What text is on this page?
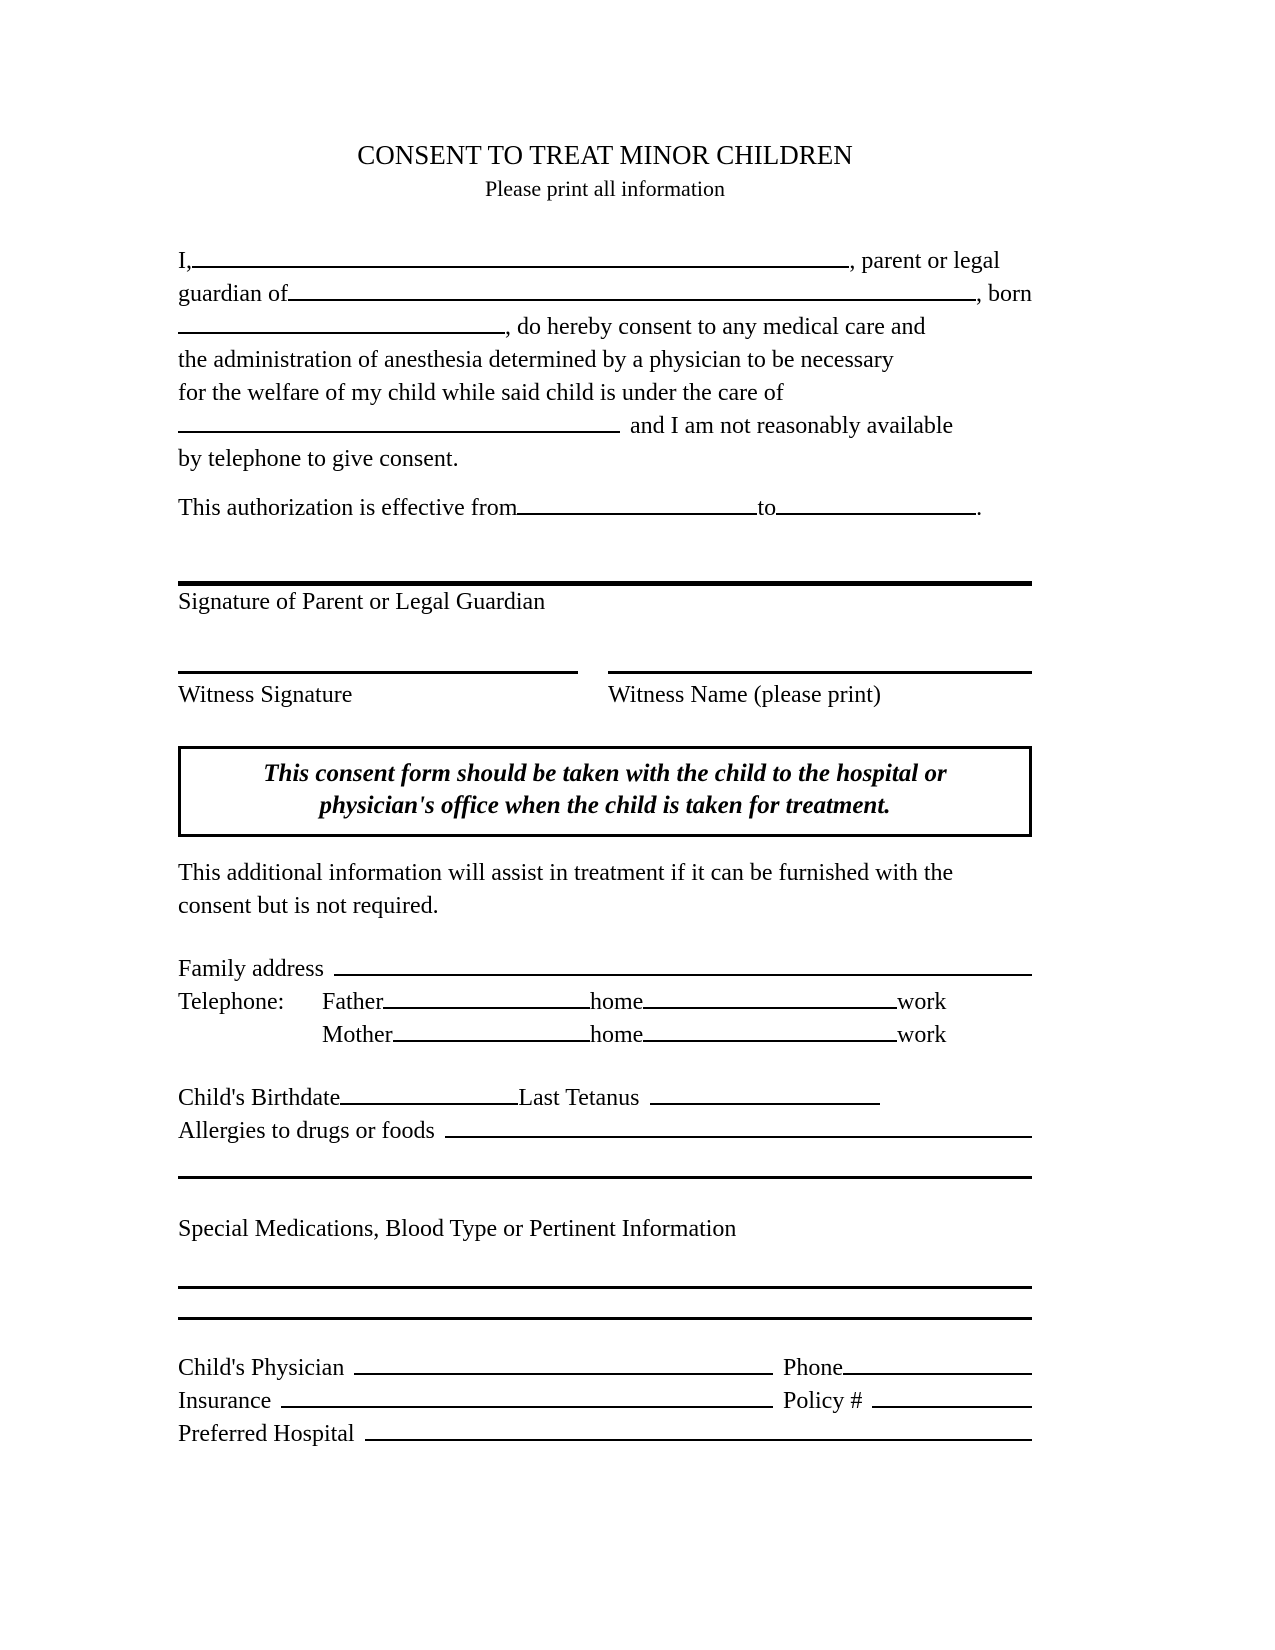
CONSENT TO TREAT MINOR CHILDREN
Please print all information
I,	, parent or legal
guardian of	, born
, do hereby consent to any medical care and
the administration of anesthesia determined by a physician to be necessary
for the welfare of my child while said child is under the care of
and I am not reasonably available
by telephone to give consent.
This authorization is effective from	to	.
Signature of Parent or Legal Guardian
Witness Signature	Witness Name (please print)
This consent form should be taken with the child to the hospital or
physician's office when the child is taken for treatment.
This additional information will assist in treatment if it can be furnished with the consent but is not required.
Family address
Telephone:	Father	home	work
Mother	home	work
Child's Birthdate	Last Tetanus
Allergies to drugs or foods
Special Medications, Blood Type or Pertinent Information
Child's Physician	Phone
Insurance	Policy #
Preferred Hospital
